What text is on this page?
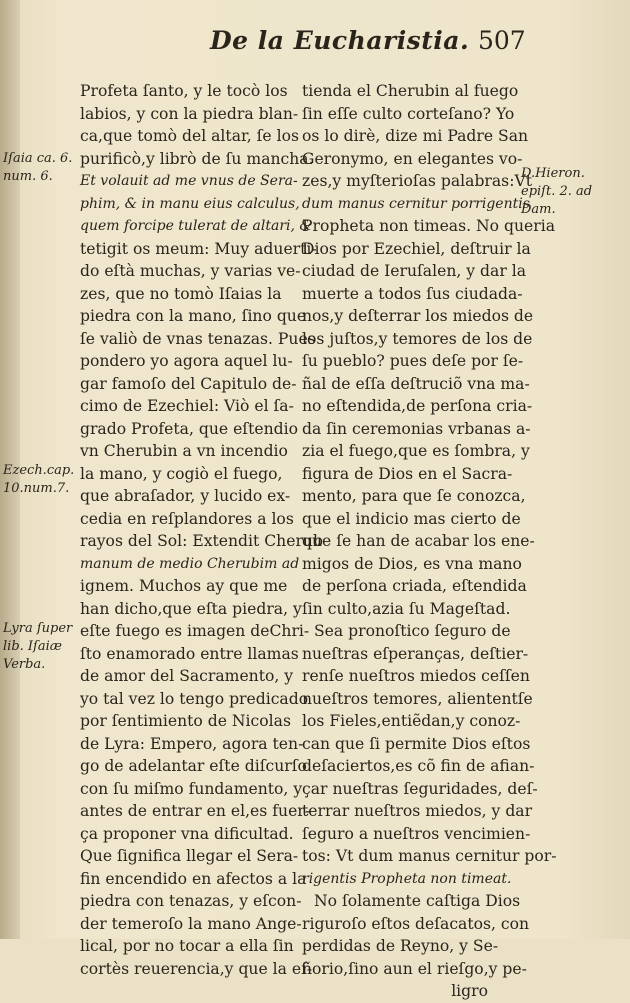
De la Eucharistia. 507
Profeta ſanto, y le tocò los
labios, y con la piedra blan-
ca,que tomò del altar, ſe los
purificò,y librò de ſu mancha.
Et volauit ad me vnus de Sera-
phim, & in manu eius calculus,
quem forcipe tulerat de altari, &
tetigit os meum: Muy aduerti-
do eſtà muchas, y varias ve-
zes, que no tomò Iſaias la
piedra con la mano, ſino que
ſe valiò de vnas tenazas. Pues
pondero yo agora aquel lu-
gar famoſo del Capitulo de-
cimo de Ezechiel: Viò el ſa-
grado Profeta, que eſtendio
vn Cherubin a vn incendio
la mano, y cogiò el fuego,
que abraſador, y lucido ex-
cedia en reſplandores a los
rayos del Sol: Extendit Cherub
manum de medio Cherubim ad
ignem. Muchos ay que me
han dicho,que eſta piedra, y
eſte fuego es imagen deChri-
ſto enamorado entre llamas
de amor del Sacramento, y
yo tal vez lo tengo predicado
por ſentimiento de Nicolas
de Lyra: Empero, agora ten-
go de adelantar eſte diſcurſo
con ſu miſmo fundamento, y
antes de entrar en el,es fuer-
ça proponer vna dificultad.
Que ſignifica llegar el Sera-
fin encendido en afectos a la
piedra con tenazas, y eſcon-
der temeroſo la mano Ange-
lical, por no tocar a ella ſin
cortès reuerencia,y que la eſ-
tienda el Cherubin al fuego
ſin eſſe culto corteſano? Yo
os lo dirè, dize mi Padre San
Geronymo, en elegantes vo-
zes,y myſterioſas palabras:Vt
dum manus cernitur porrigentis
Propheta non timeas. No queria
Dios por Ezechiel, deſtruir la
ciudad de Ieruſalen, y dar la
muerte a todos ſus ciudada-
nos,y deſterrar los miedos de
los juſtos,y temores de los de
ſu pueblo? pues deſe por ſe-
ñal de eſſa deſtruciõ vna ma-
no eſtendida,de perſona cria-
da ſin ceremonias vrbanas a-
zia el fuego,que es ſombra, y
figura de Dios en el Sacra-
mento, para que ſe conozca,
que el indicio mas cierto de
que ſe han de acabar los ene-
migos de Dios, es vna mano
de perſona criada, eſtendida
ſin culto,azia ſu Mageſtad.
Sea pronoſtico ſeguro de
nueſtras eſperanças, deſtier-
renſe nueſtros miedos ceſſen
nueſtros temores, aliententſe
los Fieles,entiẽdan,y conoz-
can que ſi permite Dios eſtos
deſaciertos,es cõ fin de afian-
çar nueſtras ſeguridades, deſ-
terrar nueſtros miedos, y dar
ſeguro a nueſtros vencimien-
tos: Vt dum manus cernitur por-
rigentis Propheta non timeat.
No ſolamente caſtiga Dios
riguroſo eſtos deſacatos, con
perdidas de Reyno, y Se-
ñorio,ſino aun el rieſgo,y pe-
ligro
Iſaia ca. 6.
num. 6.
Ezech.cap.
10.num.7.
Lyra ſuper
lib. Iſaiæ
Verba.
D.Hieron.
epiſt. 2. ad
Dam.
